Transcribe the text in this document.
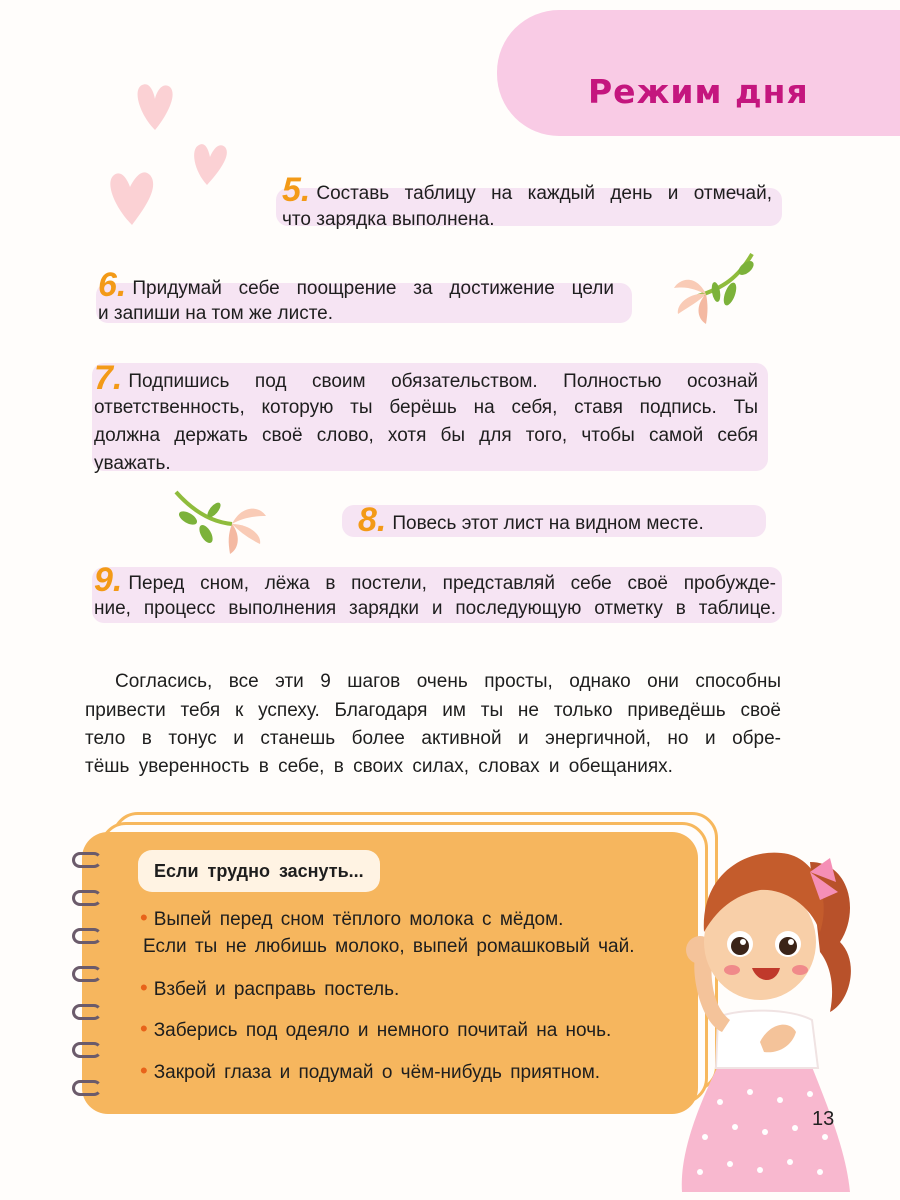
Режим дня
5. Составь таблицу на каждый день и отмечай,
что зарядка выполнена.
6. Придумай себе поощрение за достижение цели
и запиши на том же листе.
7. Подпишись под своим обязательством. Полностью осознай
ответственность, которую ты берёшь на себя, ставя подпись. Ты
должна держать своё слово, хотя бы для того, чтобы самой себя
уважать.
8. Повесь этот лист на видном месте.
9. Перед сном, лёжа в постели, представляй себе своё пробужде-
ние, процесс выполнения зарядки и последующую отметку в таблице.
Согласись, все эти 9 шагов очень просты, однако они способны
привести тебя к успеху. Благодаря им ты не только приведёшь своё
тело в тонус и станешь более активной и энергичной, но и обре-
тёшь уверенность в себе, в своих силах, словах и обещаниях.
Если трудно заснуть...
• Выпей перед сном тёплого молока с мёдом.
Если ты не любишь молоко, выпей ромашковый чай.
• Взбей и расправь постель.
• Заберись под одеяло и немного почитай на ночь.
• Закрой глаза и подумай о чём-нибудь приятном.
13
